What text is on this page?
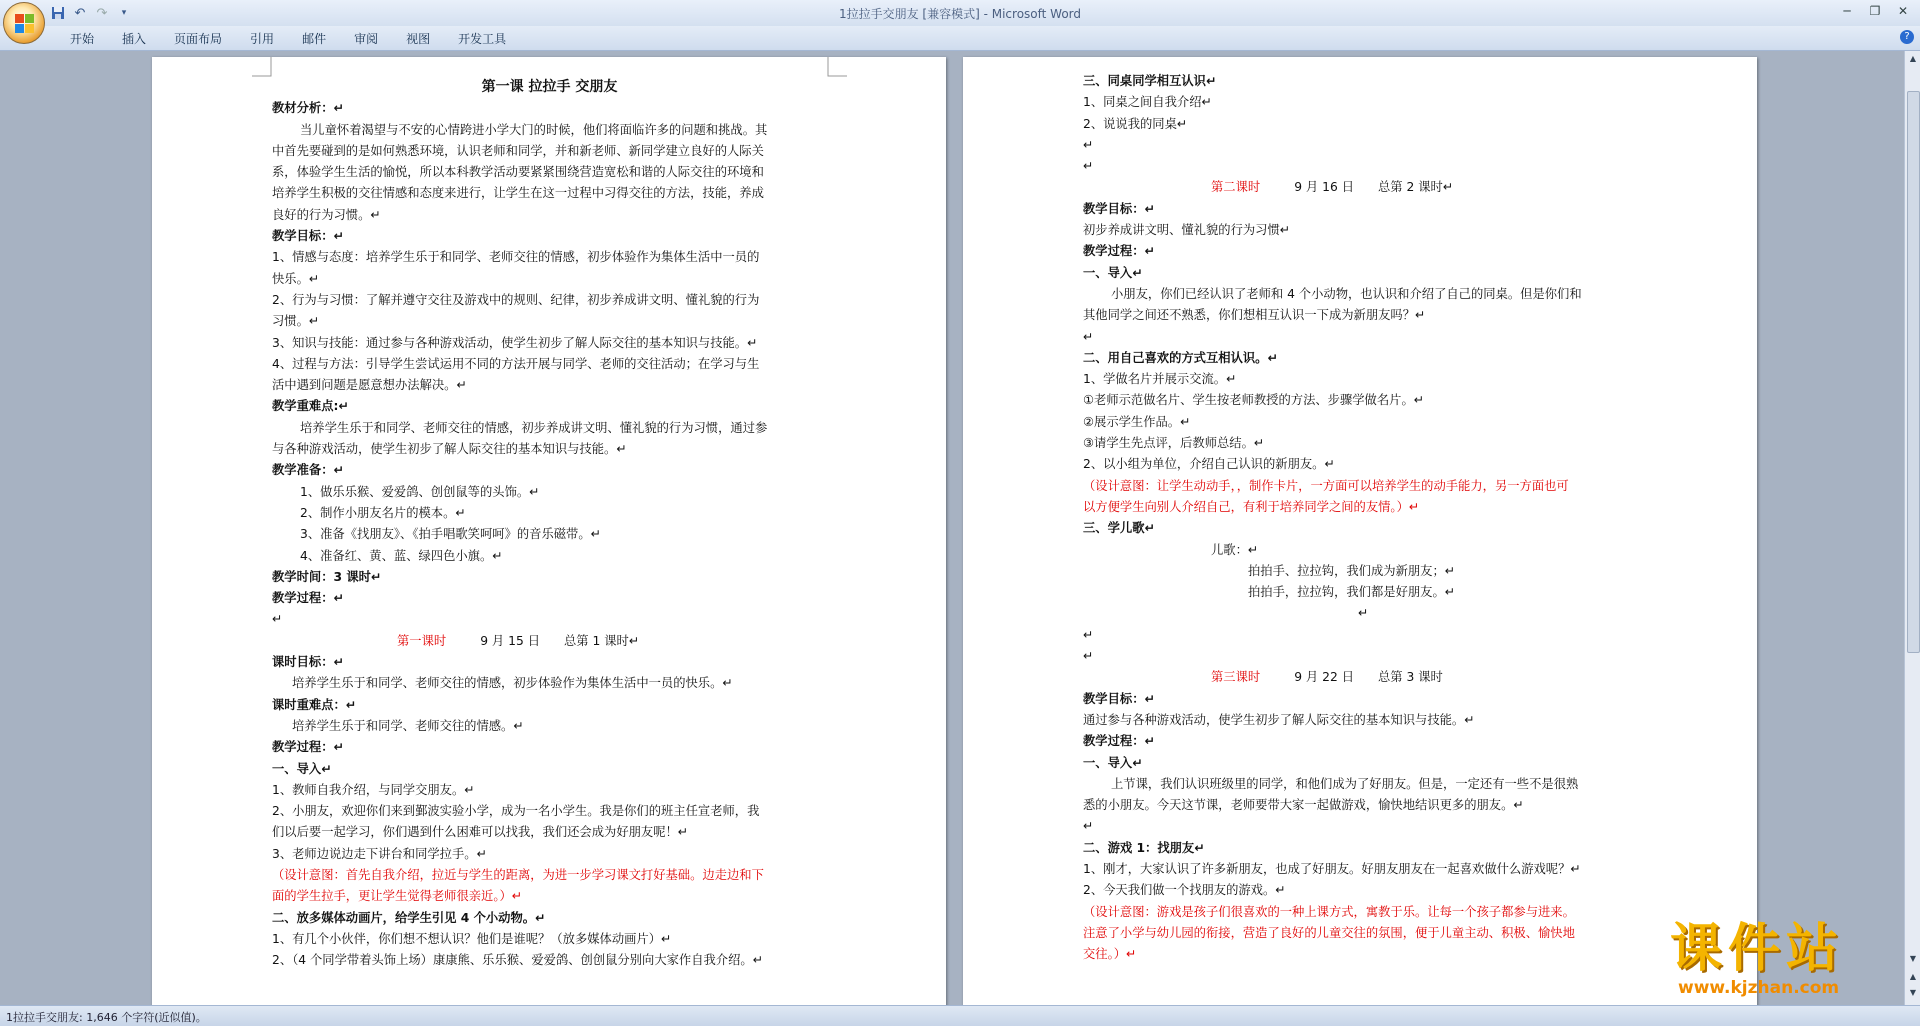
↶ ↷	▾	1拉拉手交朋友 [兼容模式] - Microsoft Word	─	❐	✕
开始	插入	页面布局	引用	邮件	审阅	视图	开发工具	?
第一课 拉拉手 交朋友
教材分析：↵
当儿童怀着渴望与不安的心情跨进小学大门的时候，他们将面临许多的问题和挑战。其
中首先要碰到的是如何熟悉环境，认识老师和同学，并和新老师、新同学建立良好的人际关
系，体验学生生活的愉悦，所以本科教学活动要紧紧围绕营造宽松和谐的人际交往的环境和
培养学生积极的交往情感和态度来进行，让学生在这一过程中习得交往的方法，技能，养成
良好的行为习惯。↵
教学目标：↵
1、情感与态度：培养学生乐于和同学、老师交往的情感，初步体验作为集体生活中一员的
快乐。↵
2、行为与习惯：了解并遵守交往及游戏中的规则、纪律，初步养成讲文明、懂礼貌的行为
习惯。↵
3、知识与技能：通过参与各种游戏活动，使学生初步了解人际交往的基本知识与技能。↵
4、过程与方法：引导学生尝试运用不同的方法开展与同学、老师的交往活动；在学习与生
活中遇到问题是愿意想办法解决。↵
教学重难点:↵
培养学生乐于和同学、老师交往的情感，初步养成讲文明、懂礼貌的行为习惯，通过参
与各种游戏活动，使学生初步了解人际交往的基本知识与技能。↵
教学准备：↵
1、做乐乐猴、爱爱鸽、创创鼠等的头饰。↵
2、制作小朋友名片的模本。↵
3、准备《找朋友》、《拍手唱歌笑呵呵》的音乐磁带。↵
4、准备红、黄、蓝、绿四色小旗。↵
教学时间：3 课时↵
教学过程：↵
↵
第一课时	9 月 15 日 总第 1 课时↵
课时目标：↵
培养学生乐于和同学、老师交往的情感，初步体验作为集体生活中一员的快乐。↵
课时重难点：↵
培养学生乐于和同学、老师交往的情感。↵
教学过程：↵
一、导入↵
1、教师自我介绍，与同学交朋友。↵
2、小朋友，欢迎你们来到鄞波实验小学，成为一名小学生。我是你们的班主任宣老师，我
们以后要一起学习，你们遇到什么困难可以找我，我们还会成为好朋友呢！↵
3、老师边说边走下讲台和同学拉手。↵
（设计意图：首先自我介绍，拉近与学生的距离，为进一步学习课文打好基础。边走边和下
面的学生拉手，更让学生觉得老师很亲近。）↵
二、放多媒体动画片，给学生引见 4 个小动物。↵
1、有几个小伙伴，你们想不想认识？他们是谁呢？（放多媒体动画片）↵
2、（4 个同学带着头饰上场）康康熊、乐乐猴、爱爱鸽、创创鼠分别向大家作自我介绍。↵
三、同桌同学相互认识↵
1、同桌之间自我介绍↵
2、说说我的同桌↵
↵
↵
第二课时	9 月 16 日 总第 2 课时↵
教学目标：↵
初步养成讲文明、懂礼貌的行为习惯↵
教学过程：↵
一、导入↵
小朋友，你们已经认识了老师和 4 个小动物，也认识和介绍了自己的同桌。但是你们和
其他同学之间还不熟悉，你们想相互认识一下成为新朋友吗？↵
↵
二、用自己喜欢的方式互相认识。↵
1、学做名片并展示交流。↵
①老师示范做名片、学生按老师教授的方法、步骤学做名片。↵
②展示学生作品。↵
③请学生先点评，后教师总结。↵
2、以小组为单位，介绍自己认识的新朋友。↵
（设计意图：让学生动动手，，制作卡片，一方面可以培养学生的动手能力，另一方面也可
以方便学生向别人介绍自己，有利于培养同学之间的友情。）↵
三、学儿歌↵
儿歌：↵
拍拍手、拉拉钩，我们成为新朋友；↵
拍拍手，拉拉钩，我们都是好朋友。↵
↵
↵
↵
第三课时	9 月 22 日 总第 3 课时
教学目标：↵
通过参与各种游戏活动，使学生初步了解人际交往的基本知识与技能。↵
教学过程：↵
一、导入↵
上节课，我们认识班级里的同学，和他们成为了好朋友。但是，一定还有一些不是很熟
悉的小朋友。今天这节课，老师要带大家一起做游戏，愉快地结识更多的朋友。↵
↵
二、游戏 1：找朋友↵
1、刚才，大家认识了许多新朋友，也成了好朋友。好朋友朋友在一起喜欢做什么游戏呢？↵
2、今天我们做一个找朋友的游戏。↵
（设计意图：游戏是孩子们很喜欢的一种上课方式，寓教于乐。让每一个孩子都参与进来。
注意了小学与幼儿园的衔接，营造了良好的儿童交往的氛围，便于儿童主动、积极、愉快地
交往。）↵
▲
▼
▲
▼
1拉拉手交朋友: 1,646 个字符(近似值)。
课件站
www.kjzhan.com
